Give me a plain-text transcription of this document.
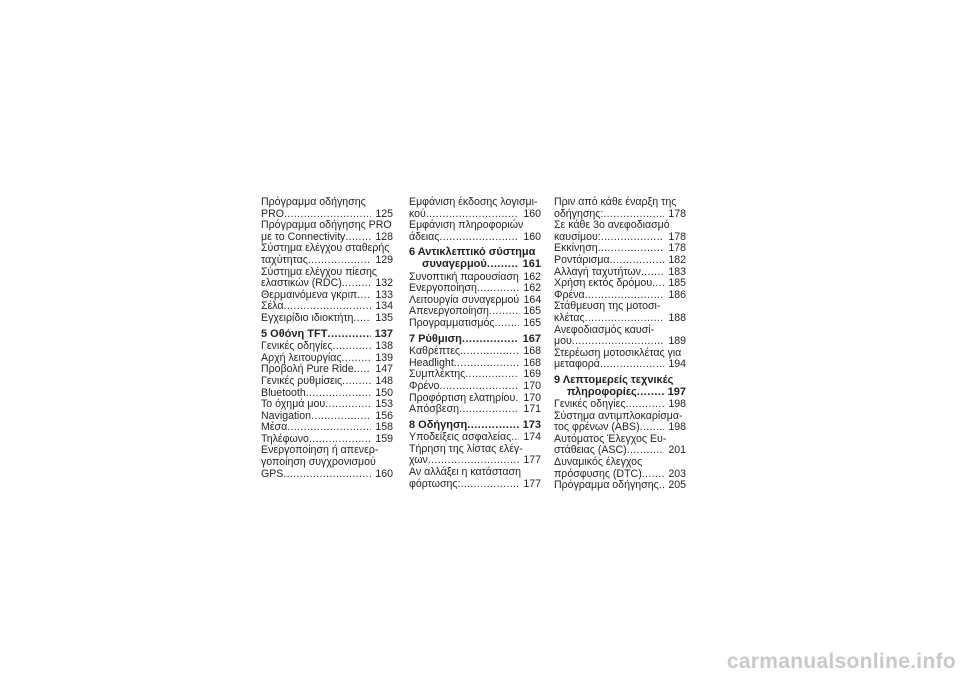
Πρόγραμμα οδήγησης
PRO . . .	125
Πρόγραμμα οδήγησης PRO
με το Connectivity . . .	128
Σύστημα ελέγχου σταθερής
ταχύτητας . . .	129
Σύστημα ελέγχου πίεσης
ελαστικών (RDC) . . .	132
Θερμαινόμενα γκριπ . . .	133
Σέλα . . .	134
Εγχειρίδιο ιδιοκτήτη . . .	135
5 Οθόνη TFT . . .	137
Γενικές οδηγίες . . .	138
Αρχή λειτουργίας . . .	139
Προβολή Pure Ride . . .	147
Γενικές ρυθμίσεις . . .	148
Bluetooth . . .	150
Το όχημά μου . . .	153
Navigation . . .	156
Μέσα . . .	158
Τηλέφωνο . . .	159
Ενεργοποίηση ή απενερ-
γοποίηση συγχρονισμού
GPS . . .	160
Εμφάνιση έκδοσης λογισμι-
κού . . .	160
Εμφάνιση πληροφοριών
άδειας . . .	160
6 Αντικλεπτικό σύστημα
συναγερμού . . .	161
Συνοπτική παρουσίαση . . . 162
Ενεργοποίηση . . .	162
Λειτουργία συναγερμού 164
Απενεργοποίηση . . .	165
Προγραμματισμός . . .	165
7 Ρύθμιση . . .	167
Καθρέπτες . . .	168
Headlight . . .	168
Συμπλέκτης . . .	169
Φρένο . . .	170
Προφόρτιση ελατηρίου . . . 170
Απόσβεση . . .	171
8 Οδήγηση . . .	173
Υποδείξεις ασφαλείας . . .	174
Τήρηση της λίστας ελέγ-
χων . . .	177
Αν αλλάξει η κατάσταση
φόρτωσης: . . .	177
Πριν από κάθε έναρξη της
οδήγησης: . . .	178
Σε κάθε 3ο ανεφοδιασμό
καυσίμου: . . .	178
Εκκίνηση . . .	178
Ροντάρισμα . . .	182
Αλλαγή ταχυτήτων . . .	183
Χρήση εκτός δρόμου . . .	185
Φρένα . . .	186
Στάθμευση της μοτοσι-
κλέτας . . .	188
Ανεφοδιασμός καυσί-
μου . . .	189
Στερέωση μοτοσικλέτας για
μεταφορά . . .	194
9 Λεπτομερείς τεχνικές
πληροφορίες . . .	197
Γενικές οδηγίες . . .	198
Σύστημα αντιμπλοκαρίσμα-
τος φρένων (ABS) . . .	198
Αυτόματος Έλεγχος Ευ-
στάθειας (ASC) . . .	201
Δυναμικός έλεγχος
πρόσφυσης (DTC) . . .	203
Πρόγραμμα οδήγησης . . . 205
carmanualsonline.info
